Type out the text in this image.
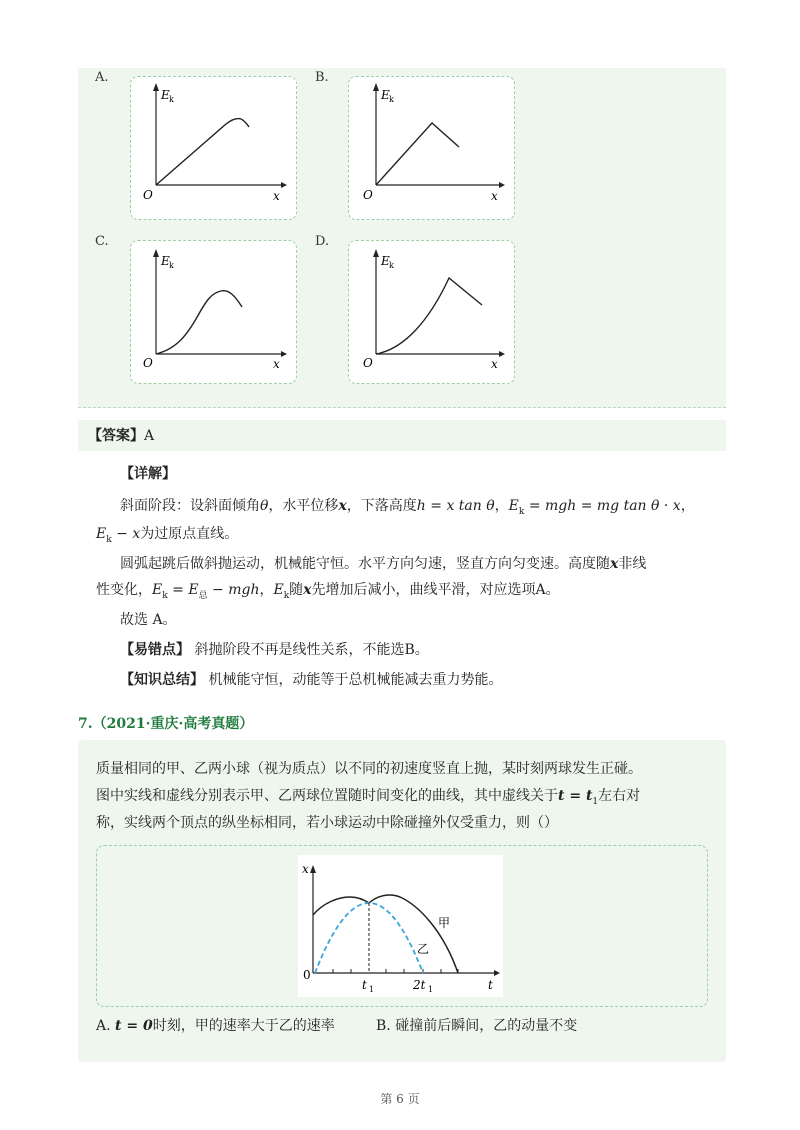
A.
E k
O	x
B.
E k
O	x
C.
E k
O	x
D.
E k
O	x
【答案】A
【详解】
斜面阶段：设斜面倾角θ，水平位移x，下落高度h = x tan θ，$E_k$ = mgh = mg tan θ · x，
$E_k - x$为过原点直线。
圆弧起跳后做斜抛运动，机械能守恒。水平方向匀速，竖直方向匀变速。高度随x非线
性变化，$E_k = E_总$ − mgh，$E_k$随x先增加后减小，曲线平滑，对应选项A。
故选 A。
【易错点】 斜抛阶段不再是线性关系，不能选B。
【知识总结】 机械能守恒，动能等于总机械能减去重力势能。
7.（2021·重庆·高考真题）
质量相同的甲、乙两小球（视为质点）以不同的初速度竖直上抛，某时刻两球发生正碰。
图中实线和虚线分别表示甲、乙两球位置随时间变化的曲线，其中虚线关于$t = t_1$左右对
称，实线两个顶点的纵坐标相同，若小球运动中除碰撞外仅受重力，则（）
x
甲
乙
0
t 1	2t 1	t
A. t = 0时刻，甲的速率大于乙的速率	B. 碰撞前后瞬间，乙的动量不变
第 6 页
